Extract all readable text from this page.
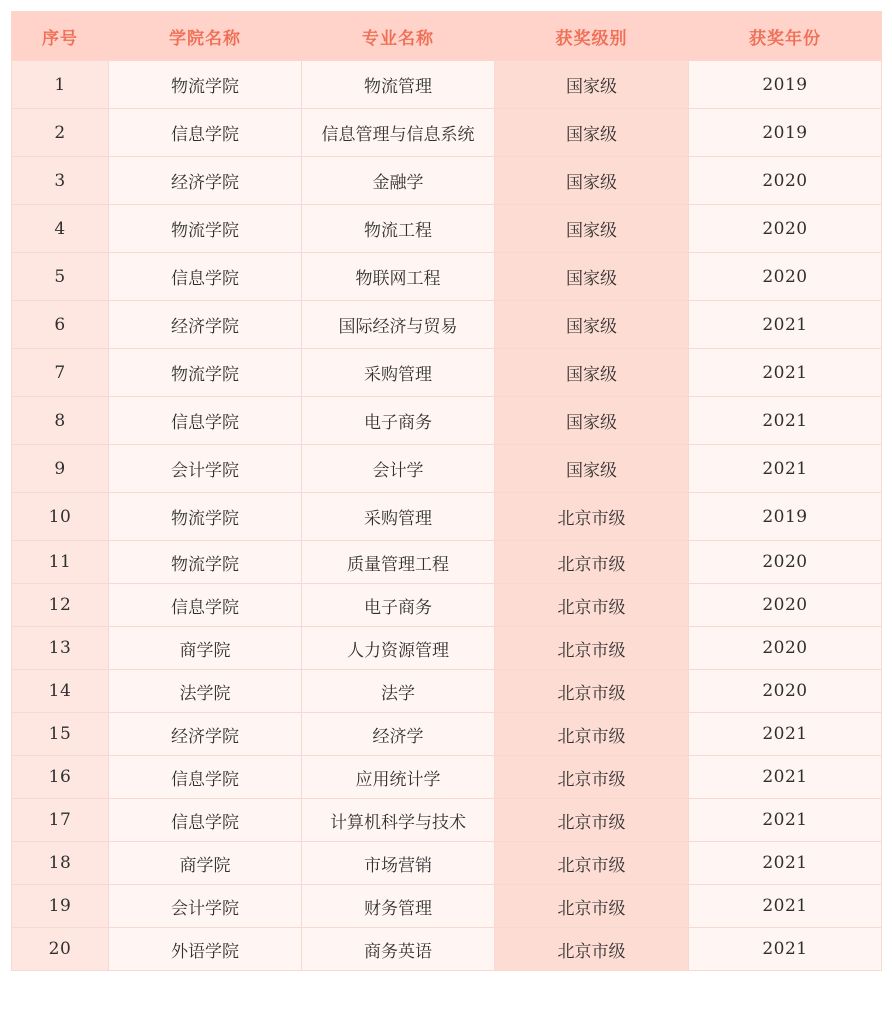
序号	学院名称	专业名称	获奖级别	获奖年份
1	物流学院	物流管理	国家级	2019
2	信息学院	信息管理与信息系统	国家级	2019
3	经济学院	金融学	国家级	2020
4	物流学院	物流工程	国家级	2020
5	信息学院	物联网工程	国家级	2020
6	经济学院	国际经济与贸易	国家级	2021
7	物流学院	采购管理	国家级	2021
8	信息学院	电子商务	国家级	2021
9	会计学院	会计学	国家级	2021
10	物流学院	采购管理	北京市级	2019
11	物流学院	质量管理工程	北京市级	2020
12	信息学院	电子商务	北京市级	2020
13	商学院	人力资源管理	北京市级	2020
14	法学院	法学	北京市级	2020
15	经济学院	经济学	北京市级	2021
16	信息学院	应用统计学	北京市级	2021
17	信息学院	计算机科学与技术	北京市级	2021
18	商学院	市场营销	北京市级	2021
19	会计学院	财务管理	北京市级	2021
20	外语学院	商务英语	北京市级	2021
